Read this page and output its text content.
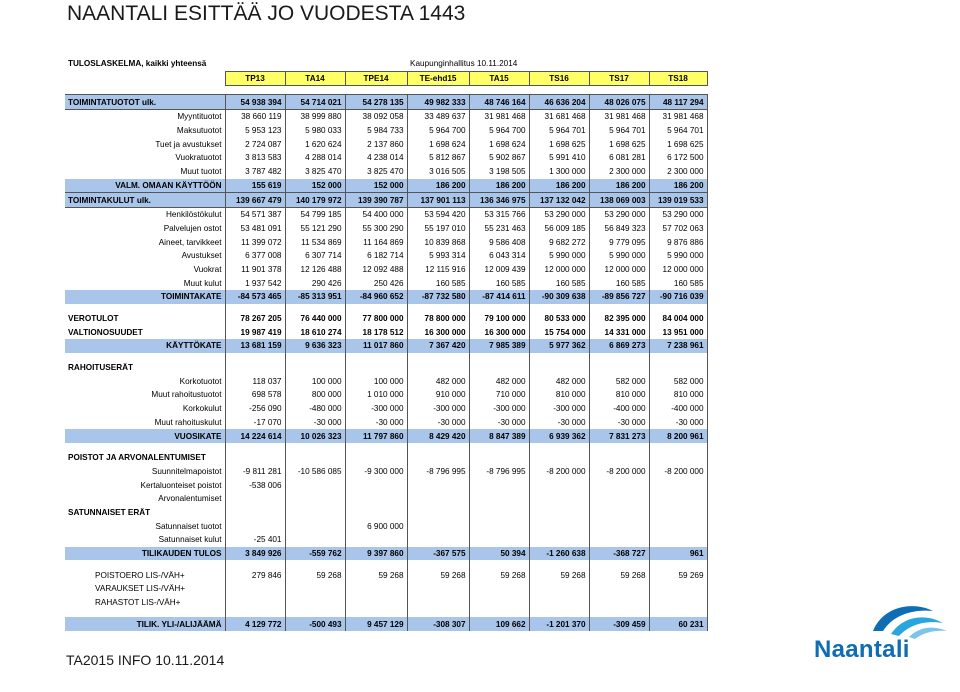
NAANTALI ESITTÄÄ JO VUODESTA 1443
TULOSLASKELMA, kaikki yhteensä				Kaupunginhallitus 10.11.2014				
	TP13	TA14	TPE14	TE-ehd15	TA15	TS16	TS17	TS18

TOIMINTATUOTOT ulk.	54 938 394	54 714 021	54 278 135	49 982 333	48 746 164	46 636 204	48 026 075	48 117 294
Myyntituotot	38 660 119	38 999 880	38 092 058	33 489 637	31 981 468	31 681 468	31 981 468	31 981 468
Maksutuotot	5 953 123	5 980 033	5 984 733	5 964 700	5 964 700	5 964 701	5 964 701	5 964 701
Tuet ja avustukset	2 724 087	1 620 624	2 137 860	1 698 624	1 698 624	1 698 625	1 698 625	1 698 625
Vuokratuotot	3 813 583	4 288 014	4 238 014	5 812 867	5 902 867	5 991 410	6 081 281	6 172 500
Muut tuotot	3 787 482	3 825 470	3 825 470	3 016 505	3 198 505	1 300 000	2 300 000	2 300 000
VALM. OMAAN KÄYTTÖÖN	155 619	152 000	152 000	186 200	186 200	186 200	186 200	186 200
TOIMINTAKULUT ulk.	139 667 479	140 179 972	139 390 787	137 901 113	136 346 975	137 132 042	138 069 003	139 019 533
Henkilöstökulut	54 571 387	54 799 185	54 400 000	53 594 420	53 315 766	53 290 000	53 290 000	53 290 000
Palvelujen ostot	53 481 091	55 121 290	55 300 290	55 197 010	55 231 463	56 009 185	56 849 323	57 702 063
Aineet, tarvikkeet	11 399 072	11 534 869	11 164 869	10 839 868	9 586 408	9 682 272	9 779 095	9 876 886
Avustukset	6 377 008	6 307 714	6 182 714	5 993 314	6 043 314	5 990 000	5 990 000	5 990 000
Vuokrat	11 901 378	12 126 488	12 092 488	12 115 916	12 009 439	12 000 000	12 000 000	12 000 000
Muut kulut	1 937 542	290 426	250 426	160 585	160 585	160 585	160 585	160 585
TOIMINTAKATE	-84 573 465	-85 313 951	-84 960 652	-87 732 580	-87 414 611	-90 309 638	-89 856 727	-90 716 039

VEROTULOT	78 267 205	76 440 000	77 800 000	78 800 000	79 100 000	80 533 000	82 395 000	84 004 000
VALTIONOSUUDET	19 987 419	18 610 274	18 178 512	16 300 000	16 300 000	15 754 000	14 331 000	13 951 000
KÄYTTÖKATE	13 681 159	9 636 323	11 017 860	7 367 420	7 985 389	5 977 362	6 869 273	7 238 961

RAHOITUSERÄT								
Korkotuotot	118 037	100 000	100 000	482 000	482 000	482 000	582 000	582 000
Muut rahoitustuotot	698 578	800 000	1 010 000	910 000	710 000	810 000	810 000	810 000
Korkokulut	-256 090	-480 000	-300 000	-300 000	-300 000	-300 000	-400 000	-400 000
Muut rahoituskulut	-17 070	-30 000	-30 000	-30 000	-30 000	-30 000	-30 000	-30 000
VUOSIKATE	14 224 614	10 026 323	11 797 860	8 429 420	8 847 389	6 939 362	7 831 273	8 200 961

POISTOT JA ARVONALENTUMISET								
Suunnitelmapoistot	-9 811 281	-10 586 085	-9 300 000	-8 796 995	-8 796 995	-8 200 000	-8 200 000	-8 200 000
Kertaluonteiset poistot	-538 006							
Arvonalentumiset								
SATUNNAISET ERÄT								
Satunnaiset tuotot			6 900 000					
Satunnaiset kulut	-25 401							
TILIKAUDEN TULOS	3 849 926	-559 762	9 397 860	-367 575	50 394	-1 260 638	-368 727	961

POISTOERO LIS-/VÄH+	279 846	59 268	59 268	59 268	59 268	59 268	59 268	59 269
VARAUKSET LIS-/VÄH+								
RAHASTOT LIS-/VÄH+								

TILIK. YLI-/ALIJÄÄMÄ	4 129 772	-500 493	9 457 129	-308 307	109 662	-1 201 370	-309 459	60 231
TA2015 INFO 10.11.2014	Naantali
